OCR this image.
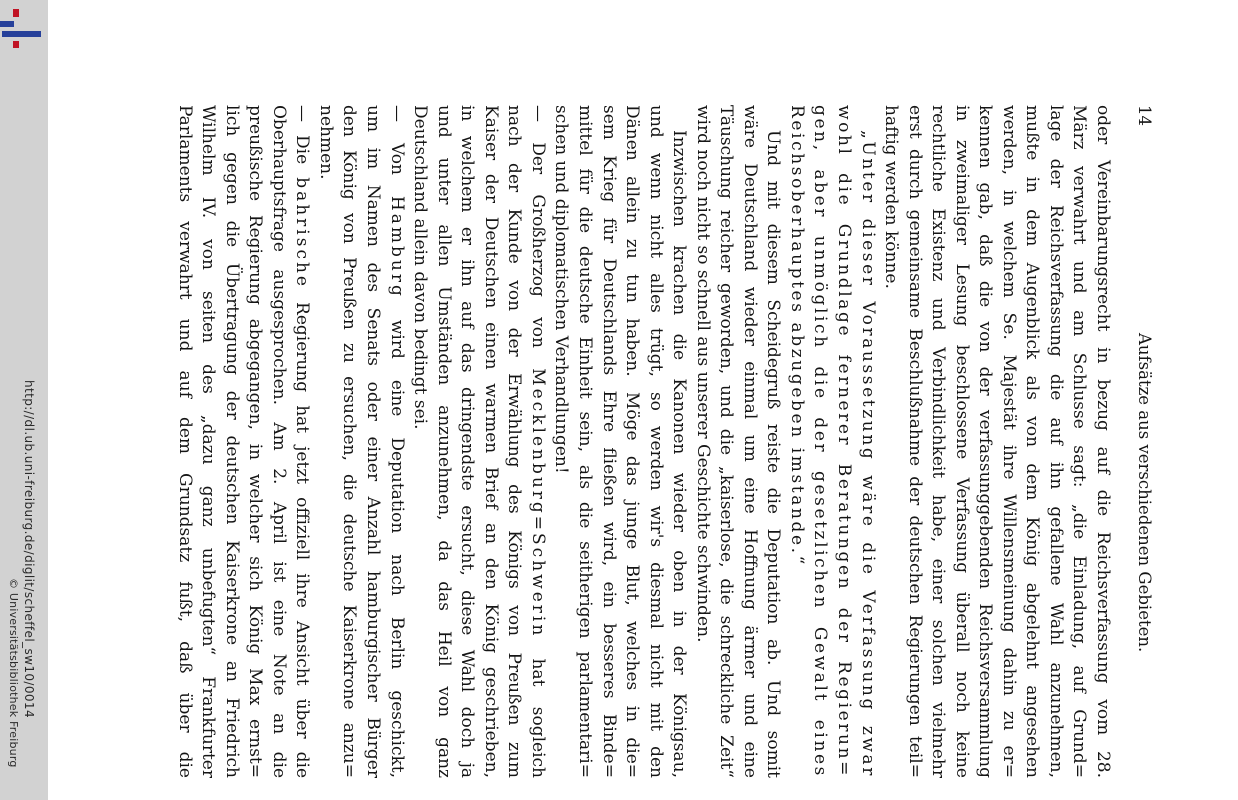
http://dl.ub.uni-freiburg.de/diglit/scheffel_sw10/0014
© Universitätsbibliothek Freiburg
14
Aufsätze aus verschiedenen Gebieten.
oder Vereinbarungsrecht in bezug auf die Reichsverfassung vom 28.
März verwahrt und am Schlusse sagt: „die Einladung, auf Grund=
lage der Reichsverfassung die auf ihn gefallene Wahl anzunehmen,
mußte in dem Augenblick als von dem König abgelehnt angesehen
werden, in welchem Se. Majestät ihre Willensmeinung dahin zu er=
kennen gab, daß die von der verfassunggebenden Reichsversammlung
in zweimaliger Lesung beschlossene Verfassung überall noch keine
rechtliche Existenz und Verbindlichkeit habe, einer solchen vielmehr
erst durch gemeinsame Beschlußnahme der deutschen Regierungen teil=
haftig werden könne.
„Unter dieser Voraussetzung wäre die Verfassung zwar
wohl die Grundlage fernerer Beratungen der Regierun=
gen, aber unmöglich die der gesetzlichen Gewalt eines
Reichsoberhauptes abzugeben imstande.“
Und mit diesem Scheidegruß reiste die Deputation ab. Und somit
wäre Deutschland wieder einmal um eine Hoffnung ärmer und eine
Täuschung reicher geworden, und die „kaiserlose, die schreckliche Zeit“
wird noch nicht so schnell aus unserer Geschichte schwinden.
Inzwischen krachen die Kanonen wieder oben in der Königsau,
und wenn nicht alles trügt, so werden wir's diesmal nicht mit den
Dänen allein zu tun haben. Möge das junge Blut, welches in die=
sem Krieg für Deutschlands Ehre fließen wird, ein besseres Binde=
mittel für die deutsche Einheit sein, als die seitherigen parlamentari=
schen und diplomatischen Verhandlungen!
— Der Großherzog von Mecklenburg=Schwerin hat sogleich
nach der Kunde von der Erwählung des Königs von Preußen zum
Kaiser der Deutschen einen warmen Brief an den König geschrieben,
in welchem er ihn auf das dringendste ersucht, diese Wahl doch ja
und unter allen Umständen anzunehmen, da das Heil von ganz
Deutschland allein davon bedingt sei.
— Von Hamburg wird eine Deputation nach Berlin geschickt,
um im Namen des Senats oder einer Anzahl hamburgischer Bürger
den König von Preußen zu ersuchen, die deutsche Kaiserkrone anzu=
nehmen.
— Die bahrische Regierung hat jetzt offiziell ihre Ansicht über die
Oberhauptsfrage ausgesprochen. Am 2. April ist eine Note an die
preußische Regierung abgegangen, in welcher sich König Max ernst=
lich gegen die Übertragung der deutschen Kaiserkrone an Friedrich
Wilhelm IV. von seiten des „dazu ganz unbefugten“ Frankfurter
Parlaments verwahrt und auf dem Grundsatz fußt, daß über die
